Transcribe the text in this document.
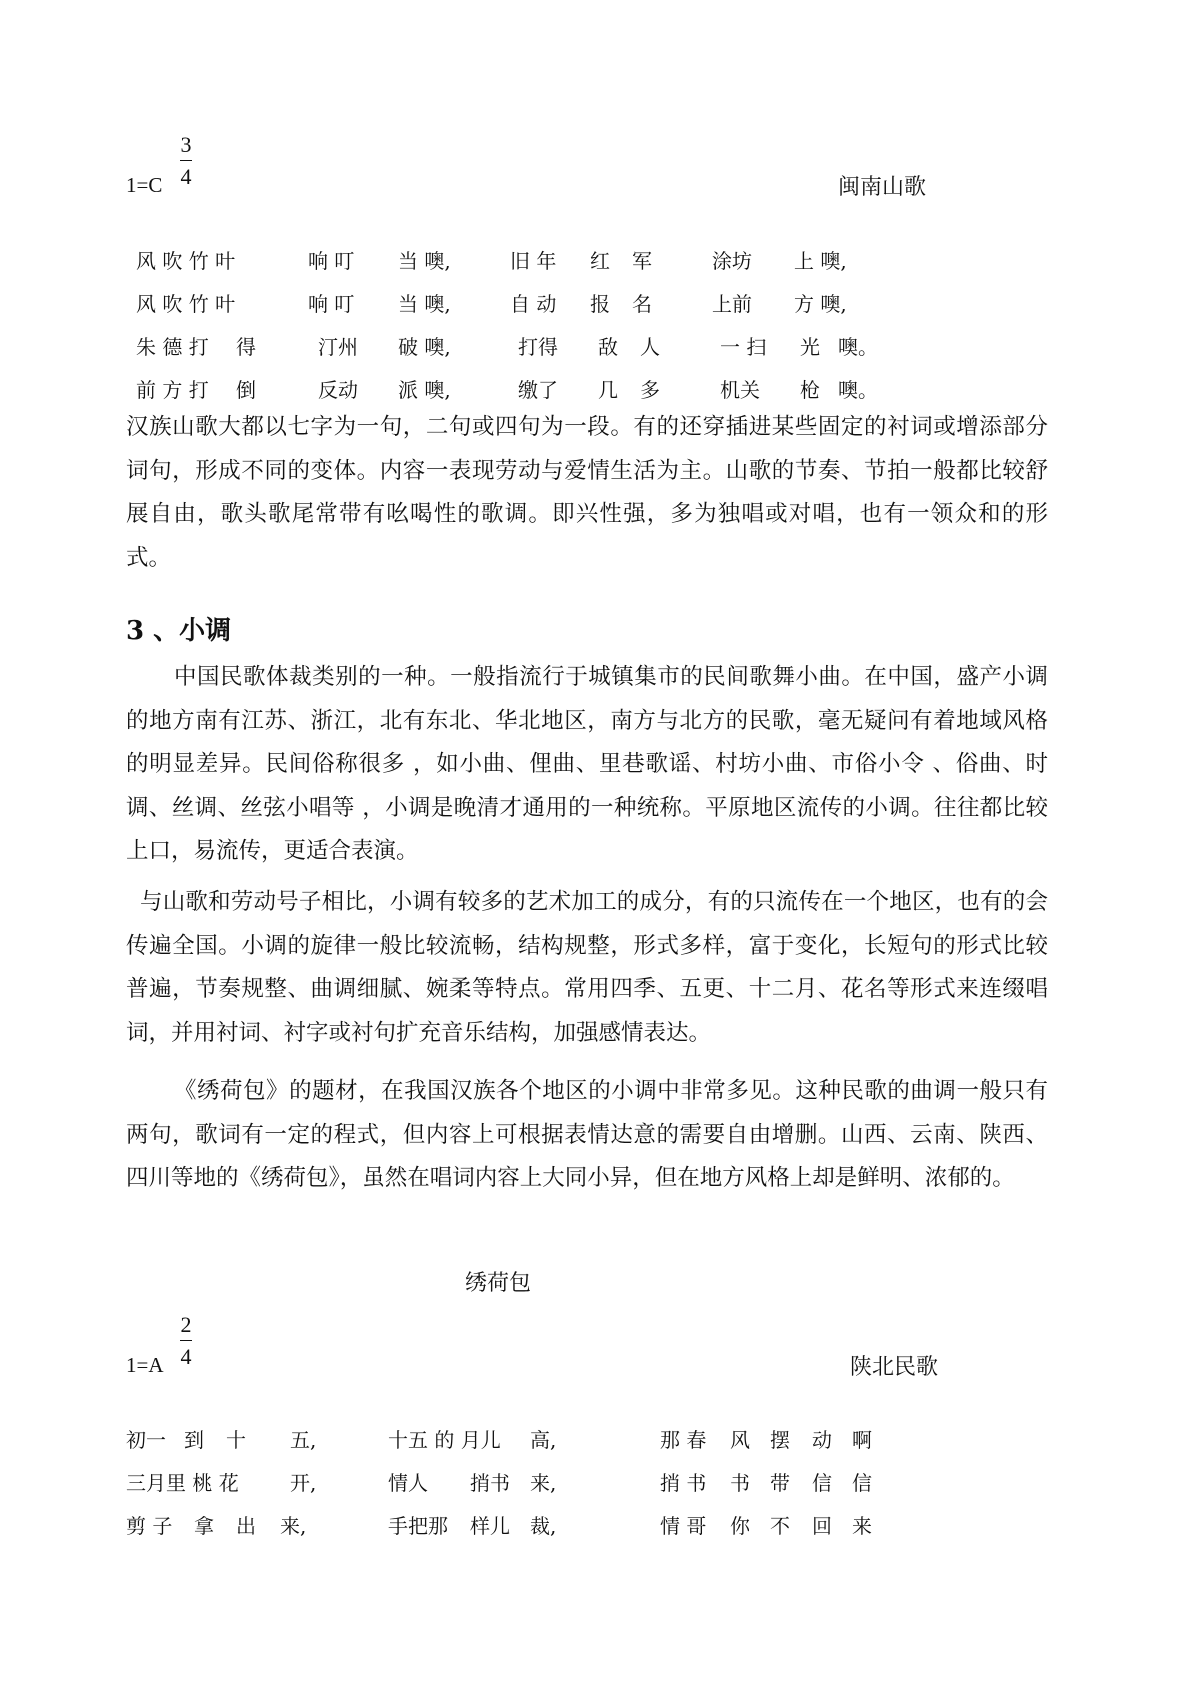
1=C
3
4	闽南山歌
风 吹 竹 叶	响 叮 当 噢,	旧 年 红 军	涂坊 上 噢,
风 吹 竹 叶	响 叮 当 噢,	自 动 报 名	上前 方 噢,
朱 德 打 得	汀州 破 噢,	打得 敌 人	一 扫 光 噢。
前 方 打 倒	反动 派 噢,	缴了 几 多	机关 枪 噢。

汉族山歌大都以七字为一句，二句或四句为一段。有的还穿插进某些固定的衬词或增添部分词句，形成不同的变体。内容一表现劳动与爱情生活为主。山歌的节奏、节拍一般都比较舒展自由，歌头歌尾常带有吆喝性的歌调。即兴性强，多为独唱或对唱，也有一领众和的形式。

3 、小调

中国民歌体裁类别的一种。一般指流行于城镇集市的民间歌舞小曲。在中国，盛产小调的地方南有江苏、浙江，北有东北、华北地区，南方与北方的民歌，毫无疑问有着地域风格的明显差异。民间俗称很多 ，如小曲、俚曲、里巷歌谣、村坊小曲、市俗小令 、俗曲、时调、丝调、丝弦小唱等 ，小调是晚清才通用的一种统称。平原地区流传的小调。往往都比较上口，易流传，更适合表演。

与山歌和劳动号子相比，小调有较多的艺术加工的成分，有的只流传在一个地区，也有的会传遍全国。小调的旋律一般比较流畅，结构规整，形式多样，富于变化，长短句的形式比较普遍，节奏规整、曲调细腻、婉柔等特点。常用四季、五更、十二月、花名等形式来连缀唱词，并用衬词、衬字或衬句扩充音乐结构，加强感情表达。

《绣荷包》的题材，在我国汉族各个地区的小调中非常多见。这种民歌的曲调一般只有两句，歌词有一定的程式，但内容上可根据表情达意的需要自由增删。山西、云南、陕西、四川等地的《绣荷包》，虽然在唱词内容上大同小异，但在地方风格上却是鲜明、浓郁的。

绣荷包
1=A
2
4	陕北民歌
初一 到 十 五,	十五 的 月儿 高,	那 春 风 摆 动 啊
三月里 桃 花	开,	情人 捎书 来,	捎 书 书 带 信 信
剪 子 拿 出 来,	手把那 样儿 裁,	情 哥 你 不 回 来
